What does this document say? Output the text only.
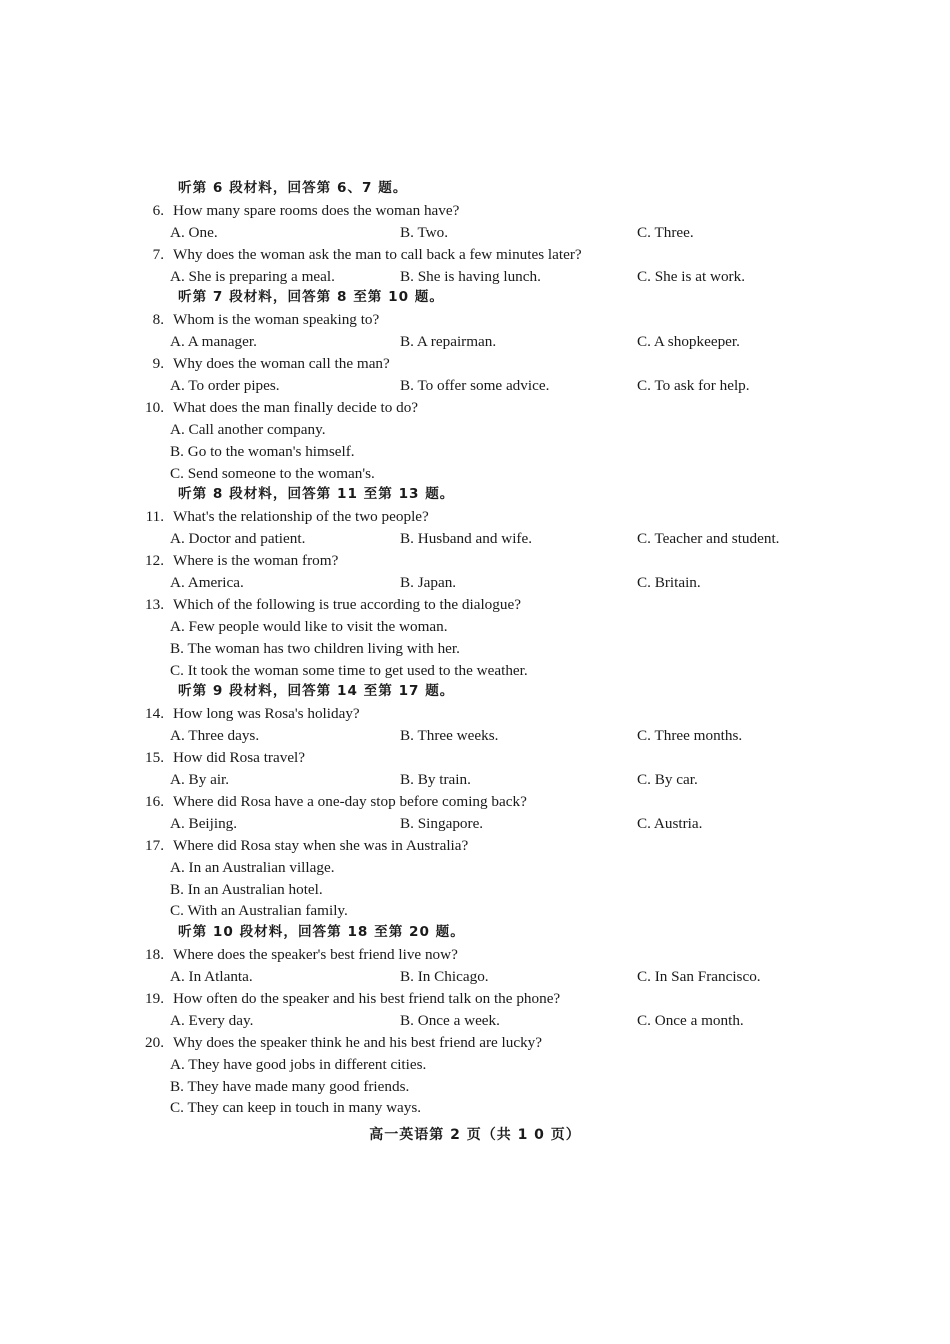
听第 6 段材料，回答第 6、7 题。
6. How many spare rooms does the woman have?
A. One.	B. Two.	C. Three.
7. Why does the woman ask the man to call back a few minutes later?
A. She is preparing a meal.	B. She is having lunch.	C. She is at work.
听第 7 段材料，回答第 8 至第 10 题。
8. Whom is the woman speaking to?
A. A manager.	B. A repairman.	C. A shopkeeper.
9. Why does the woman call the man?
A. To order pipes.	B. To offer some advice.	C. To ask for help.
10. What does the man finally decide to do?
A. Call another company.
B. Go to the woman's himself.
C. Send someone to the woman's.
听第 8 段材料，回答第 11 至第 13 题。
11. What's the relationship of the two people?
A. Doctor and patient.	B. Husband and wife.	C. Teacher and student.
12. Where is the woman from?
A. America.	B. Japan.	C. Britain.
13. Which of the following is true according to the dialogue?
A. Few people would like to visit the woman.
B. The woman has two children living with her.
C. It took the woman some time to get used to the weather.
听第 9 段材料，回答第 14 至第 17 题。
14. How long was Rosa's holiday?
A. Three days.	B. Three weeks.	C. Three months.
15. How did Rosa travel?
A. By air.	B. By train.	C. By car.
16. Where did Rosa have a one-day stop before coming back?
A. Beijing.	B. Singapore.	C. Austria.
17. Where did Rosa stay when she was in Australia?
A. In an Australian village.
B. In an Australian hotel.
C. With an Australian family.
听第 10 段材料，回答第 18 至第 20 题。
18. Where does the speaker's best friend live now?
A. In Atlanta.	B. In Chicago.	C. In San Francisco.
19. How often do the speaker and his best friend talk on the phone?
A. Every day.	B. Once a week.	C. Once a month.
20. Why does the speaker think he and his best friend are lucky?
A. They have good jobs in different cities.
B. They have made many good friends.
C. They can keep in touch in many ways.
高一英语第 2 页（共 1 0 页）
